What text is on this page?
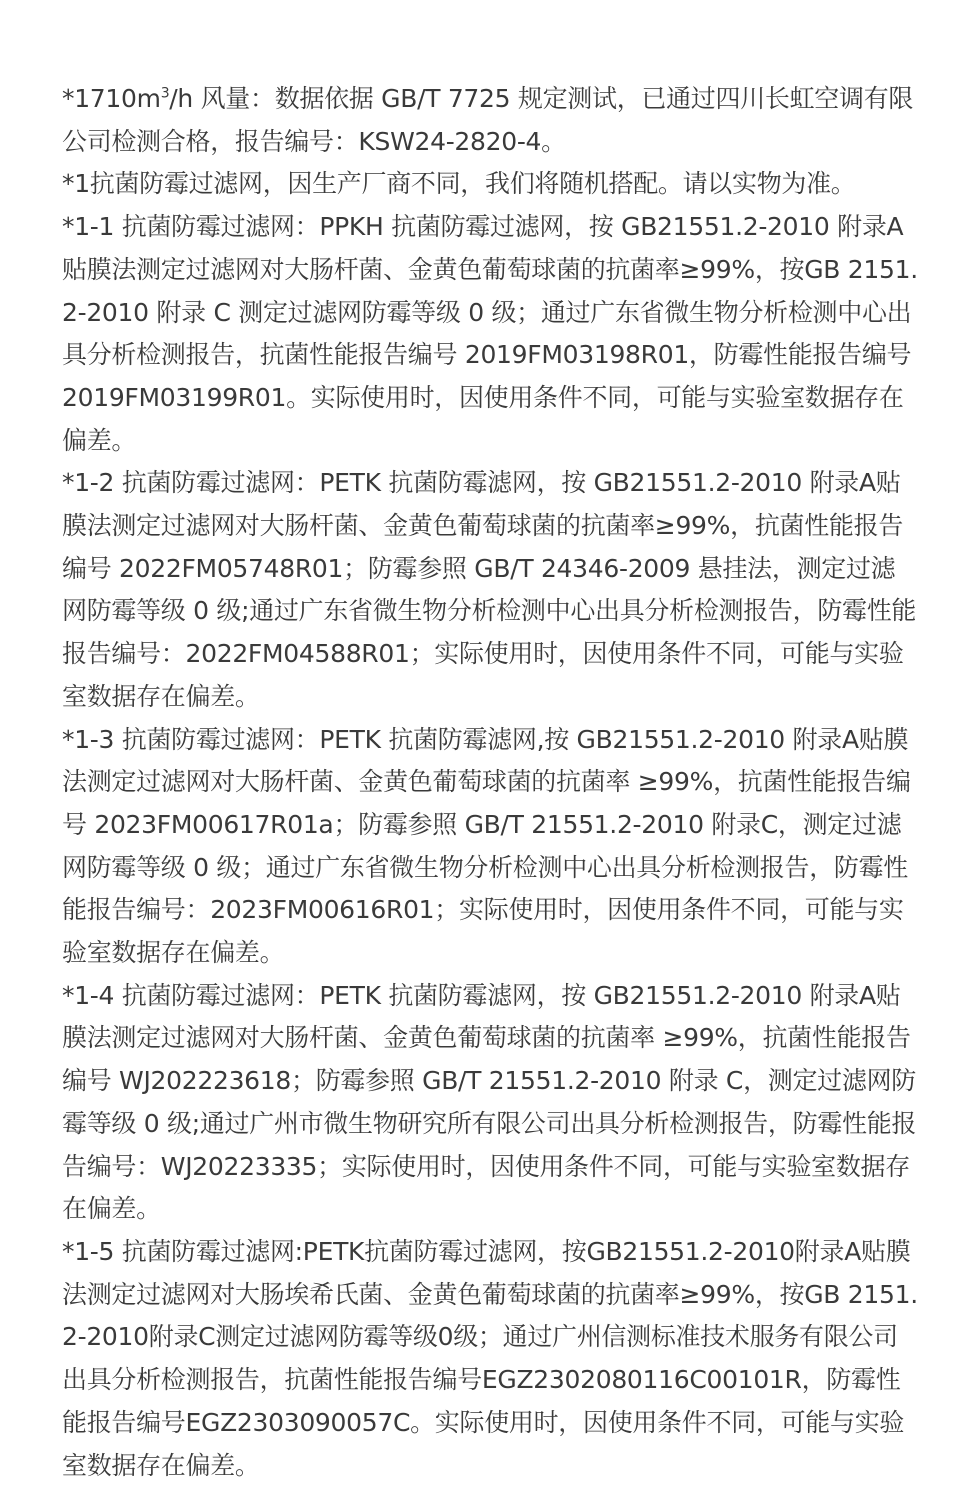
$*1710m^3/h$ 风量：数据依据 GB/T 7725 规定测试，已通过四川长虹空调有限公司检测合格，报告编号：KSW24-2820-4。

*1抗菌防霉过滤网，因生产厂商不同，我们将随机搭配。请以实物为准。

*1-1 抗菌防霉过滤网：PPKH 抗菌防霉过滤网，按 GB21551.2-2010 附录A贴膜法测定过滤网对大肠杆菌、金黄色葡萄球菌的抗菌率≥99%，按GB 2151.2-2010 附录 C 测定过滤网防霉等级 0 级；通过广东省微生物分析检测中心出具分析检测报告，抗菌性能报告编号 2019FM03198R01，防霉性能报告编号 2019FM03199R01。实际使用时，因使用条件不同，可能与实验室数据存在偏差。

*1-2 抗菌防霉过滤网：PETK 抗菌防霉滤网，按 GB21551.2-2010 附录A贴膜法测定过滤网对大肠杆菌、金黄色葡萄球菌的抗菌率≥99%，抗菌性能报告编号 2022FM05748R01；防霉参照 GB/T 24346-2009 悬挂法，测定过滤网防霉等级 0 级;通过广东省微生物分析检测中心出具分析检测报告，防霉性能报告编号：2022FM04588R01；实际使用时，因使用条件不同，可能与实验室数据存在偏差。

*1-3 抗菌防霉过滤网：PETK 抗菌防霉滤网,按 GB21551.2-2010 附录A贴膜法测定过滤网对大肠杆菌、金黄色葡萄球菌的抗菌率 ≥99%，抗菌性能报告编号 2023FM00617R01a；防霉参照 GB/T 21551.2-2010 附录C，测定过滤网防霉等级 0 级；通过广东省微生物分析检测中心出具分析检测报告，防霉性能报告编号：2023FM00616R01；实际使用时，因使用条件不同，可能与实验室数据存在偏差。

*1-4 抗菌防霉过滤网：PETK 抗菌防霉滤网，按 GB21551.2-2010 附录A贴膜法测定过滤网对大肠杆菌、金黄色葡萄球菌的抗菌率 ≥99%，抗菌性能报告编号 WJ202223618；防霉参照 GB/T 21551.2-2010 附录 C，测定过滤网防霉等级 0 级;通过广州市微生物研究所有限公司出具分析检测报告，防霉性能报告编号：WJ20223335；实际使用时，因使用条件不同，可能与实验室数据存在偏差。

*1-5 抗菌防霉过滤网:PETK抗菌防霉过滤网，按GB21551.2-2010附录A贴膜法测定过滤网对大肠埃希氏菌、金黄色葡萄球菌的抗菌率≥99%，按GB 2151.2-2010附录C测定过滤网防霉等级0级；通过广州信测标准技术服务有限公司出具分析检测报告，抗菌性能报告编号EGZ2302080116C00101R，防霉性能报告编号EGZ2303090057C。实际使用时，因使用条件不同，可能与实验室数据存在偏差。
